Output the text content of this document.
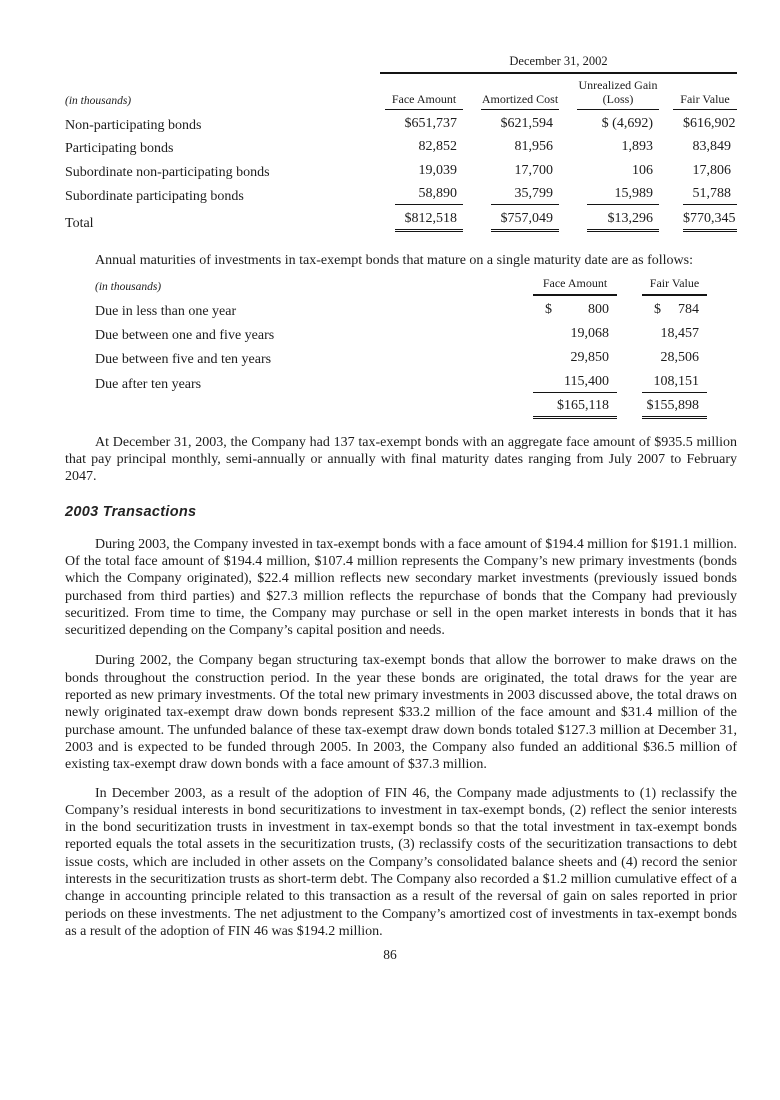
	December 31, 2002			

(in thousands)	Face Amount	Amortized Cost	Unrealized Gain (Loss)	Fair Value

Non-participating bonds	$651,737	$621,594	$ (4,692)	$616,902

Participating bonds	82,852	81,956	1,893	83,849

Subordinate non-participating bonds	19,039	17,700	106	17,806

Subordinate participating bonds	58,890	35,799	15,989	51,788

Total	$812,518	$757,049	$13,296	$770,345

Annual maturities of investments in tax-exempt bonds that mature on a single maturity date are as follows:

(in thousands)	Face Amount	Fair Value

Due in less than one year	$ 800	$ 784

Due between one and five years	19,068	18,457

Due between five and ten years	29,850	28,506

Due after ten years	115,400	108,151

	$165,118	$155,898

At December 31, 2003, the Company had 137 tax-exempt bonds with an aggregate face amount of $935.5 million that pay principal monthly, semi-annually or annually with final maturity dates ranging from July 2007 to February 2047.

2003 Transactions

During 2003, the Company invested in tax-exempt bonds with a face amount of $194.4 million for $191.1 million. Of the total face amount of $194.4 million, $107.4 million represents the Company’s new primary investments (bonds which the Company originated), $22.4 million reflects new secondary market investments (previously issued bonds purchased from third parties) and $27.3 million reflects the repurchase of bonds that the Company had previously securitized. From time to time, the Company may purchase or sell in the open market interests in bonds that it has securitized depending on the Company’s capital position and needs.

During 2002, the Company began structuring tax-exempt bonds that allow the borrower to make draws on the bonds throughout the construction period. In the year these bonds are originated, the total draws for the year are reported as new primary investments. Of the total new primary investments in 2003 discussed above, the total draws on newly originated tax-exempt draw down bonds represent $33.2 million of the face amount and $31.4 million of the purchase amount. The unfunded balance of these tax-exempt draw down bonds totaled $127.3 million at December 31, 2003 and is expected to be funded through 2005. In 2003, the Company also funded an additional $36.5 million of existing tax-exempt draw down bonds with a face amount of $37.3 million.

In December 2003, as a result of the adoption of FIN 46, the Company made adjustments to (1) reclassify the Company’s residual interests in bond securitizations to investment in tax-exempt bonds, (2) reflect the senior interests in the bond securitization trusts in investment in tax-exempt bonds so that the total investment in tax-exempt bonds reported equals the total assets in the securitization trusts, (3) reclassify costs of the securitization transactions to debt issue costs, which are included in other assets on the Company’s consolidated balance sheets and (4) record the senior interests in the securitization trusts as short-term debt. The Company also recorded a $1.2 million cumulative effect of a change in accounting principle related to this transaction as a result of the reversal of gain on sales reported in prior periods on these investments. The net adjustment to the Company’s amortized cost of investments in tax-exempt bonds as a result of the adoption of FIN 46 was $194.2 million.

86
